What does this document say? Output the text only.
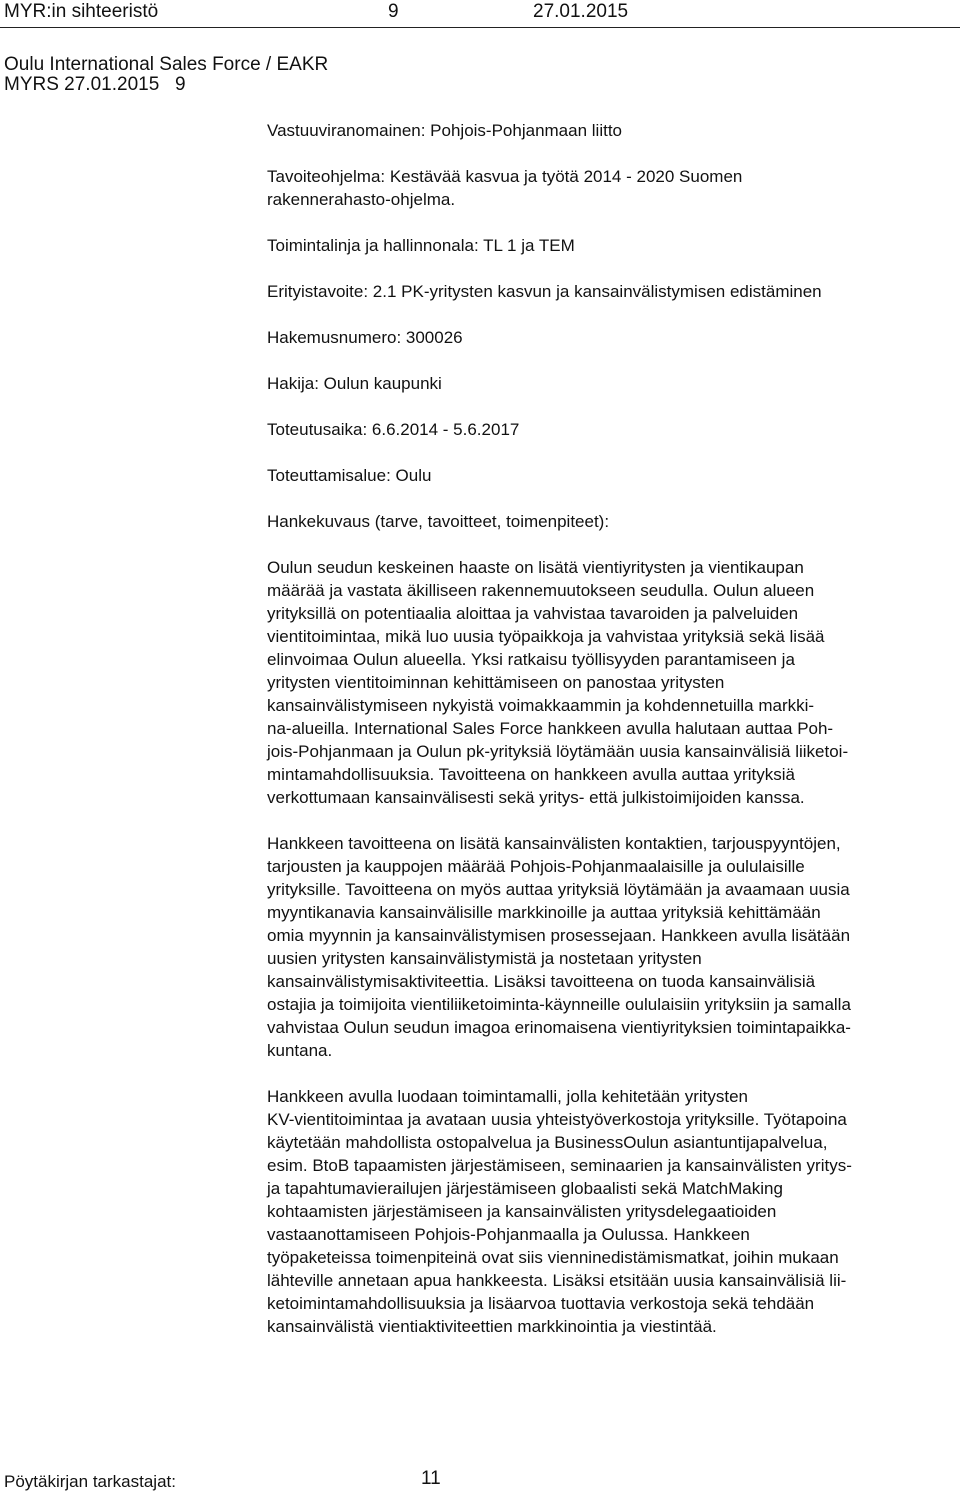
MYR:in sihteeristö	9	27.01.2015
Oulu International Sales Force / EAKR
MYRS 27.01.2015 9
Vastuuviranomainen: Pohjois-Pohjanmaan liitto
Tavoiteohjelma: Kestävää kasvua ja työtä 2014 - 2020 Suomen
rakennerahasto-ohjelma.
Toimintalinja ja hallinnonala: TL 1 ja TEM
Erityistavoite: 2.1 PK-yritysten kasvun ja kansainvälistymisen edistäminen
Hakemusnumero: 300026
Hakija: Oulun kaupunki
Toteutusaika: 6.6.2014 - 5.6.2017
Toteuttamisalue: Oulu
Hankekuvaus (tarve, tavoitteet, toimenpiteet):
Oulun seudun keskeinen haaste on lisätä vientiyritysten ja vientikaupan
määrää ja vastata äkilliseen rakennemuutokseen seudulla. Oulun alueen
yrityksillä on potentiaalia aloittaa ja vahvistaa tavaroiden ja palveluiden
vientitoimintaa, mikä luo uusia työpaikkoja ja vahvistaa yrityksiä sekä lisää
elinvoimaa Oulun alueella. Yksi ratkaisu työllisyyden parantamiseen ja
yritysten vientitoiminnan kehittämiseen on panostaa yritysten
kansainvälistymiseen nykyistä voimakkaammin ja kohdennetuilla markki-
na-alueilla. International Sales Force hankkeen avulla halutaan auttaa Poh-
jois-Pohjanmaan ja Oulun pk-yrityksiä löytämään uusia kansainvälisiä liiketoi-
mintamahdollisuuksia. Tavoitteena on hankkeen avulla auttaa yrityksiä
verkottumaan kansainvälisesti sekä yritys- että julkistoimijoiden kanssa.
Hankkeen tavoitteena on lisätä kansainvälisten kontaktien, tarjouspyyntöjen,
tarjousten ja kauppojen määrää Pohjois-Pohjanmaalaisille ja oululaisille
yrityksille. Tavoitteena on myös auttaa yrityksiä löytämään ja avaamaan uusia
myyntikanavia kansainvälisille markkinoille ja auttaa yrityksiä kehittämään
omia myynnin ja kansainvälistymisen prosessejaan. Hankkeen avulla lisätään
uusien yritysten kansainvälistymistä ja nostetaan yritysten
kansainvälistymisaktiviteettia. Lisäksi tavoitteena on tuoda kansainvälisiä
ostajia ja toimijoita vientiliiketoiminta-käynneille oululaisiin yrityksiin ja samalla
vahvistaa Oulun seudun imagoa erinomaisena vientiyrityksien toimintapaikka-
kuntana.
Hankkeen avulla luodaan toimintamalli, jolla kehitetään yritysten
KV-vientitoimintaa ja avataan uusia yhteistyöverkostoja yrityksille. Työtapoina
käytetään mahdollista ostopalvelua ja BusinessOulun asiantuntijapalvelua,
esim. BtoB tapaamisten järjestämiseen, seminaarien ja kansainvälisten yritys-
ja tapahtumavierailujen järjestämiseen globaalisti sekä MatchMaking
kohtaamisten järjestämiseen ja kansainvälisten yritysdelegaatioiden
vastaanottamiseen Pohjois-Pohjanmaalla ja Oulussa. Hankkeen
työpaketeissa toimenpiteinä ovat siis vienninedistämismatkat, joihin mukaan
lähteville annetaan apua hankkeesta. Lisäksi etsitään uusia kansainvälisiä lii-
ketoimintamahdollisuuksia ja lisäarvoa tuottavia verkostoja sekä tehdään
kansainvälistä vientiaktiviteettien markkinointia ja viestintää.
Pöytäkirjan tarkastajat:	11
